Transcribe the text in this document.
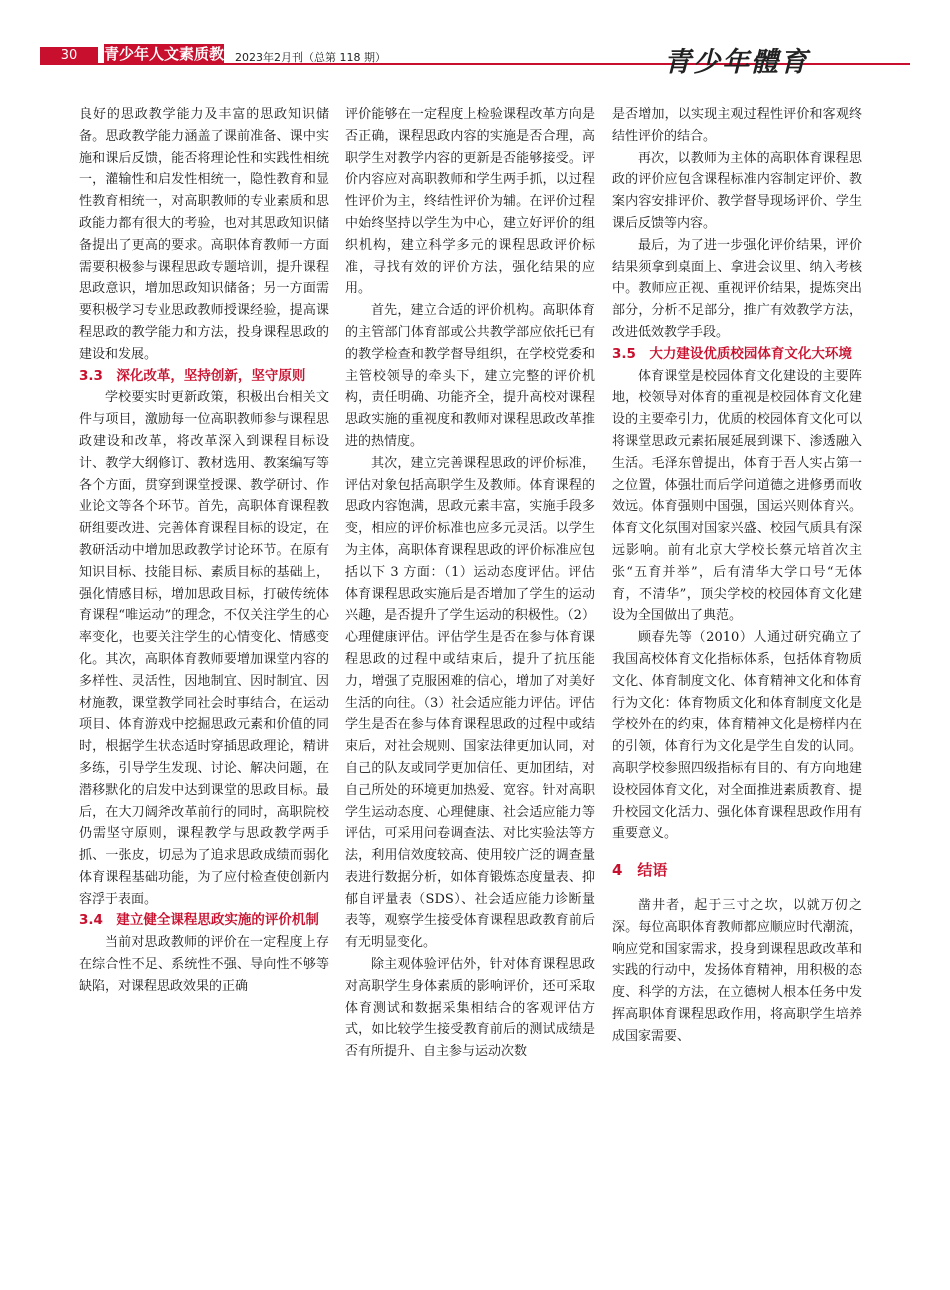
30	青少年人文素质教育
2023年2月刊（总第 118 期）	青少年體育

良好的思政教学能力及丰富的思政知识储备。思政教学能力涵盖了课前准备、课中实施和课后反馈，能否将理论性和实践性相统一，灌输性和启发性相统一，隐性教育和显性教育相统一，对高职教师的专业素质和思政能力都有很大的考验，也对其思政知识储备提出了更高的要求。高职体育教师一方面需要积极参与课程思政专题培训，提升课程思政意识，增加思政知识储备；另一方面需要积极学习专业思政教师授课经验，提高课程思政的教学能力和方法，投身课程思政的建设和发展。

3.3　深化改革，坚持创新，坚守原则

学校要实时更新政策，积极出台相关文件与项目，激励每一位高职教师参与课程思政建设和改革，将改革深入到课程目标设计、教学大纲修订、教材选用、教案编写等各个方面，贯穿到课堂授课、教学研讨、作业论文等各个环节。首先，高职体育课程教研组要改进、完善体育课程目标的设定，在教研活动中增加思政教学讨论环节。在原有知识目标、技能目标、素质目标的基础上，强化情感目标，增加思政目标，打破传统体育课程“唯运动”的理念，不仅关注学生的心率变化，也要关注学生的心情变化、情感变化。其次，高职体育教师要增加课堂内容的多样性、灵活性，因地制宜、因时制宜、因材施教，课堂教学同社会时事结合，在运动项目、体育游戏中挖掘思政元素和价值的同时，根据学生状态适时穿插思政理论，精讲多练，引导学生发现、讨论、解决问题，在潜移默化的启发中达到课堂的思政目标。最后，在大刀阔斧改革前行的同时，高职院校仍需坚守原则，课程教学与思政教学两手抓、一张皮，切忌为了追求思政成绩而弱化体育课程基础功能，为了应付检查使创新内容浮于表面。

3.4　建立健全课程思政实施的评价机制

当前对思政教师的评价在一定程度上存在综合性不足、系统性不强、导向性不够等缺陷，对课程思政效果的正确

评价能够在一定程度上检验课程改革方向是否正确，课程思政内容的实施是否合理，高职学生对教学内容的更新是否能够接受。评价内容应对高职教师和学生两手抓，以过程性评价为主，终结性评价为辅。在评价过程中始终坚持以学生为中心，建立好评价的组织机构，建立科学多元的课程思政评价标准，寻找有效的评价方法，强化结果的应用。

首先，建立合适的评价机构。高职体育的主管部门体育部或公共教学部应依托已有的教学检查和教学督导组织，在学校党委和主管校领导的牵头下，建立完整的评价机构，责任明确、功能齐全，提升高校对课程思政实施的重视度和教师对课程思政改革推进的热情度。

其次，建立完善课程思政的评价标准，评估对象包括高职学生及教师。体育课程的思政内容饱满，思政元素丰富，实施手段多变，相应的评价标准也应多元灵活。以学生为主体，高职体育课程思政的评价标准应包括以下 3 方面：（1）运动态度评估。评估体育课程思政实施后是否增加了学生的运动兴趣，是否提升了学生运动的积极性。（2）心理健康评估。评估学生是否在参与体育课程思政的过程中或结束后，提升了抗压能力，增强了克服困难的信心，增加了对美好生活的向往。（3）社会适应能力评估。评估学生是否在参与体育课程思政的过程中或结束后，对社会规则、国家法律更加认同，对自己的队友或同学更加信任、更加团结，对自己所处的环境更加热爱、宽容。针对高职学生运动态度、心理健康、社会适应能力等评估，可采用问卷调查法、对比实验法等方法，利用信效度较高、使用较广泛的调查量表进行数据分析，如体育锻炼态度量表、抑郁自评量表（SDS）、社会适应能力诊断量表等，观察学生接受体育课程思政教育前后有无明显变化。

除主观体验评估外，针对体育课程思政对高职学生身体素质的影响评价，还可采取体育测试和数据采集相结合的客观评估方式，如比较学生接受教育前后的测试成绩是否有所提升、自主参与运动次数

是否增加，以实现主观过程性评价和客观终结性评价的结合。

再次，以教师为主体的高职体育课程思政的评价应包含课程标准内容制定评价、教案内容安排评价、教学督导现场评价、学生课后反馈等内容。

最后，为了进一步强化评价结果，评价结果须拿到桌面上、拿进会议里、纳入考核中。教师应正视、重视评价结果，提炼突出部分，分析不足部分，推广有效教学方法，改进低效教学手段。

3.5　大力建设优质校园体育文化大环境

体育课堂是校园体育文化建设的主要阵地，校领导对体育的重视是校园体育文化建设的主要牵引力，优质的校园体育文化可以将课堂思政元素拓展延展到课下、渗透融入生活。毛泽东曾提出，体育于吾人实占第一之位置，体强壮而后学问道德之进修勇而收效远。体育强则中国强，国运兴则体育兴。体育文化氛围对国家兴盛、校园气质具有深远影响。前有北京大学校长蔡元培首次主张“五育并举”，后有清华大学口号“无体育，不清华”，顶尖学校的校园体育文化建设为全国做出了典范。

顾春先等（2010）人通过研究确立了我国高校体育文化指标体系，包括体育物质文化、体育制度文化、体育精神文化和体育行为文化：体育物质文化和体育制度文化是学校外在的约束，体育精神文化是榜样内在的引领，体育行为文化是学生自发的认同。高职学校参照四级指标有目的、有方向地建设校园体育文化，对全面推进素质教育、提升校园文化活力、强化体育课程思政作用有重要意义。

4　结语

凿井者，起于三寸之坎，以就万仞之深。每位高职体育教师都应顺应时代潮流，响应党和国家需求，投身到课程思政改革和实践的行动中，发扬体育精神，用积极的态度、科学的方法，在立德树人根本任务中发挥高职体育课程思政作用，将高职学生培养成国家需要、
